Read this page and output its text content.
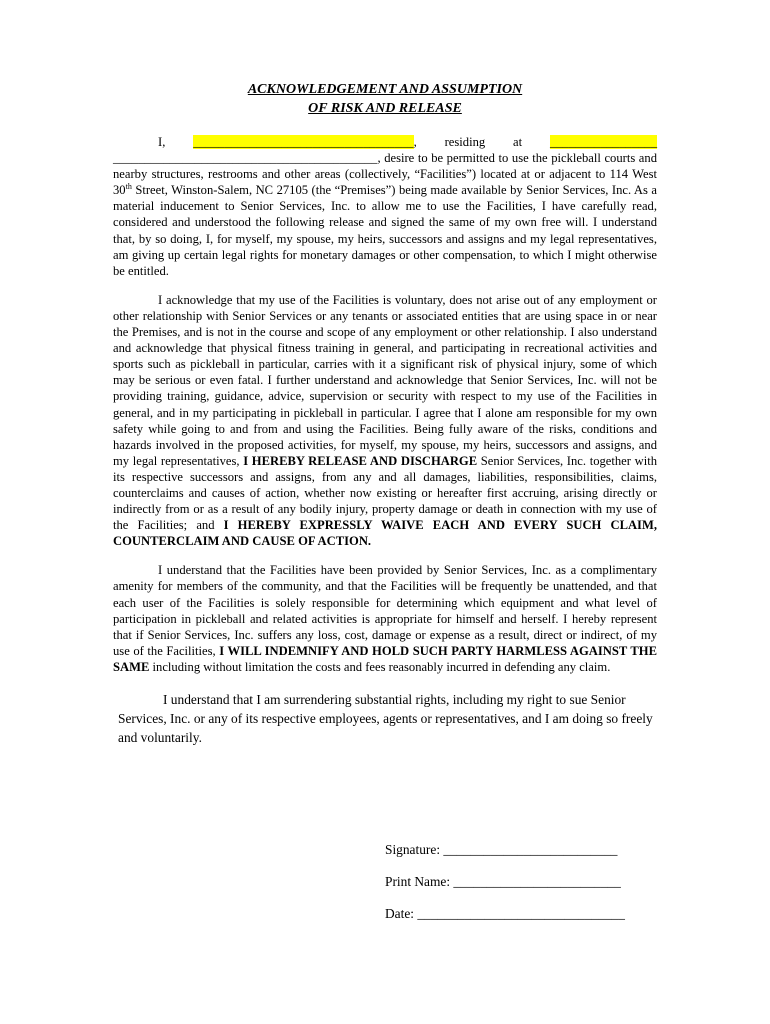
ACKNOWLEDGEMENT AND ASSUMPTION
OF RISK AND RELEASE

I, ___________________________________, residing at _________________ __________________________________________, desire to be permitted to use the pickleball courts and nearby structures, restrooms and other areas (collectively, “Facilities”) located at or adjacent to 114 West 30th Street, Winston-Salem, NC 27105 (the “Premises”) being made available by Senior Services, Inc. As a material inducement to Senior Services, Inc. to allow me to use the Facilities, I have carefully read, considered and understood the following release and signed the same of my own free will. I understand that, by so doing, I, for myself, my spouse, my heirs, successors and assigns and my legal representatives, am giving up certain legal rights for monetary damages or other compensation, to which I might otherwise be entitled.

I acknowledge that my use of the Facilities is voluntary, does not arise out of any employment or other relationship with Senior Services or any tenants or associated entities that are using space in or near the Premises, and is not in the course and scope of any employment or other relationship. I also understand and acknowledge that physical fitness training in general, and participating in recreational activities and sports such as pickleball in particular, carries with it a significant risk of physical injury, some of which may be serious or even fatal. I further understand and acknowledge that Senior Services, Inc. will not be providing training, guidance, advice, supervision or security with respect to my use of the Facilities in general, and in my participating in pickleball in particular. I agree that I alone am responsible for my own safety while going to and from and using the Facilities. Being fully aware of the risks, conditions and hazards involved in the proposed activities, for myself, my spouse, my heirs, successors and assigns, and my legal representatives, I HEREBY RELEASE AND DISCHARGE Senior Services, Inc. together with its respective successors and assigns, from any and all damages, liabilities, responsibilities, claims, counterclaims and causes of action, whether now existing or hereafter first accruing, arising directly or indirectly from or as a result of any bodily injury, property damage or death in connection with my use of the Facilities; and I HEREBY EXPRESSLY WAIVE EACH AND EVERY SUCH CLAIM, COUNTERCLAIM AND CAUSE OF ACTION.

I understand that the Facilities have been provided by Senior Services, Inc. as a complimentary amenity for members of the community, and that the Facilities will be frequently be unattended, and that each user of the Facilities is solely responsible for determining which equipment and what level of participation in pickleball and related activities is appropriate for himself and herself. I hereby represent that if Senior Services, Inc. suffers any loss, cost, damage or expense as a result, direct or indirect, of my use of the Facilities, I WILL INDEMNIFY AND HOLD SUCH PARTY HARMLESS AGAINST THE SAME including without limitation the costs and fees reasonably incurred in defending any claim.

I understand that I am surrendering substantial rights, including my right to sue Senior Services, Inc. or any of its respective employees, agents or representatives, and I am doing so freely and voluntarily.

Signature: __________________________
Print Name: _________________________
Date: _______________________________
